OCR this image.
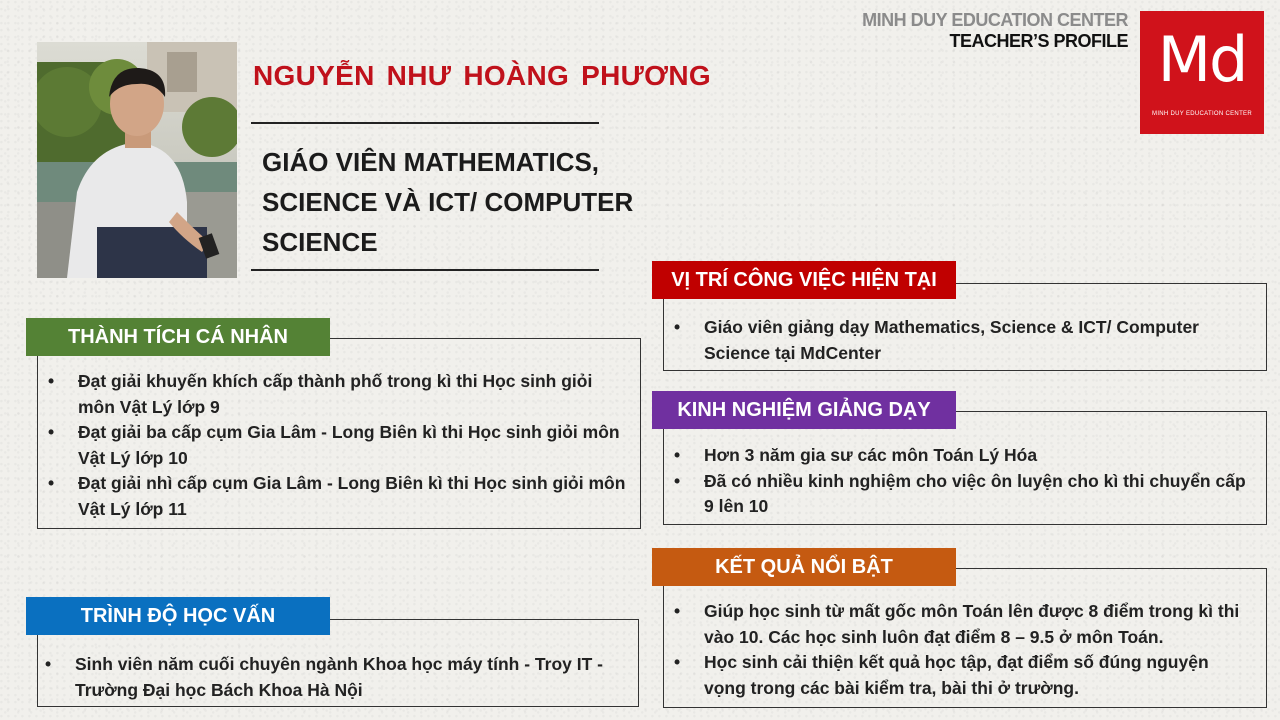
MINH DUY EDUCATION CENTER
TEACHER’S PROFILE Md
MINH DUY EDUCATION CENTER
NGUYỄN NHƯ HOÀNG PHƯƠNG
GIÁO VIÊN MATHEMATICS, SCIENCE VÀ ICT/ COMPUTER SCIENCE
• Đạt giải khuyến khích cấp thành phố trong kì thi Học sinh giỏi môn Vật Lý lớp 9
• Đạt giải ba cấp cụm Gia Lâm - Long Biên kì thi Học sinh giỏi môn Vật Lý lớp 10
• Đạt giải nhì cấp cụm Gia Lâm - Long Biên kì thi Học sinh giỏi môn Vật Lý lớp 11
THÀNH TÍCH CÁ NHÂN
• Sinh viên năm cuối chuyên ngành Khoa học máy tính - Troy IT - Trường Đại học Bách Khoa Hà Nội
TRÌNH ĐỘ HỌC VẤN
• Giáo viên giảng dạy Mathematics, Science & ICT/ Computer Science tại MdCenter
VỊ TRÍ CÔNG VIỆC HIỆN TẠI
• Hơn 3 năm gia sư các môn Toán Lý Hóa
• Đã có nhiều kinh nghiệm cho việc ôn luyện cho kì thi chuyển cấp 9 lên 10
KINH NGHIỆM GIẢNG DẠY
• Giúp học sinh từ mất gốc môn Toán lên được 8 điểm trong kì thi vào 10. Các học sinh luôn đạt điểm 8 – 9.5 ở môn Toán.
• Học sinh cải thiện kết quả học tập, đạt điểm số đúng nguyện vọng trong các bài kiểm tra, bài thi ở trường.
KẾT QUẢ NỔI BẬT
